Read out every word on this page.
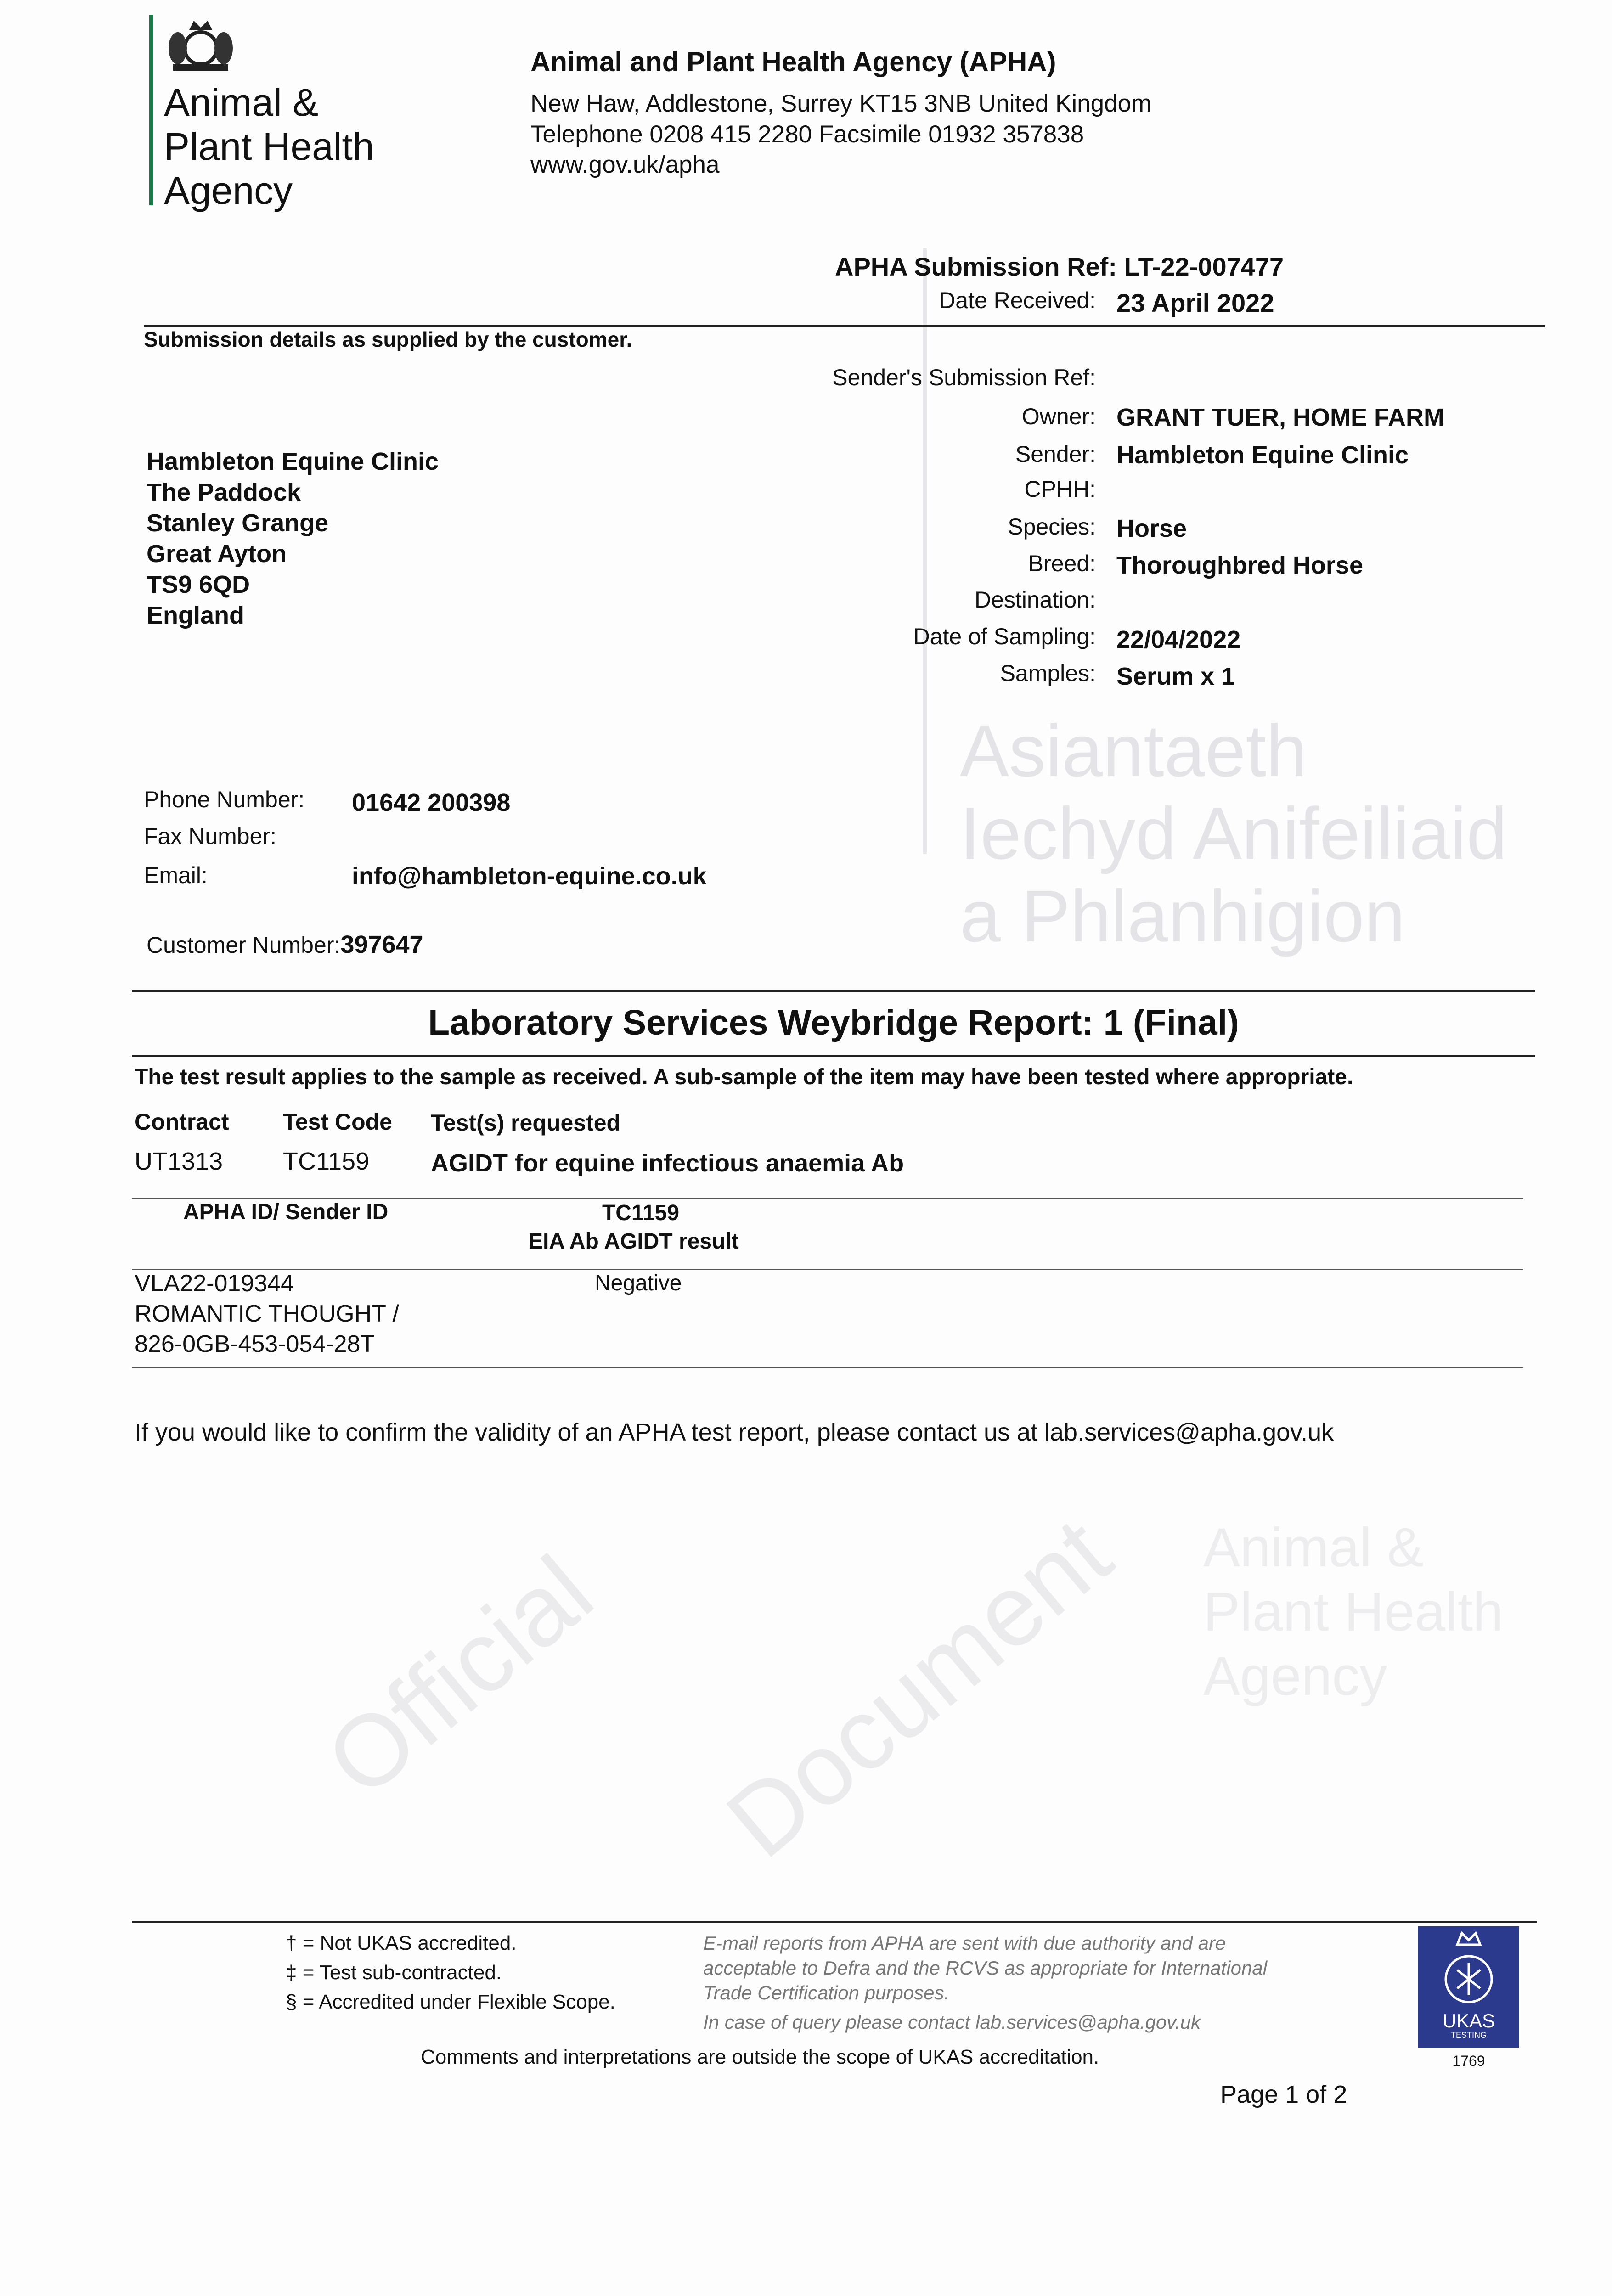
Asiantaeth
Iechyd Anifeiliaid
a Phlanhigion
Animal &
Plant Health
Agency
Official Document
Animal &
Plant Health
Agency
Animal and Plant Health Agency (APHA)
New Haw, Addlestone, Surrey KT15 3NB United Kingdom
Telephone 0208 415 2280 Facsimile 01932 357838
www.gov.uk/apha
APHA Submission Ref: LT-22-007477
Date Received: 23 April 2022
Submission details as supplied by the customer.
Sender's Submission Ref:
Owner: GRANT TUER, HOME FARM
Sender: Hambleton Equine Clinic
CPHH:
Species: Horse
Breed: Thoroughbred Horse
Destination:
Date of Sampling: 22/04/2022
Samples: Serum x 1
Hambleton Equine Clinic
The Paddock
Stanley Grange
Great Ayton
TS9 6QD
England
Phone Number: 01642 200398
Fax Number:
Email:	info@hambleton-equine.co.uk
Customer Number:397647
Laboratory Services Weybridge Report: 1 (Final)
The test result applies to the sample as received. A sub-sample of the item may have been tested where appropriate.
Contract Test Code Test(s) requested
UT1313 TC1159 AGIDT for equine infectious anaemia Ab
APHA ID/ Sender ID	TC1159
EIA Ab AGIDT result
VLA22-019344
ROMANTIC THOUGHT /
826-0GB-453-054-28T
Negative
If you would like to confirm the validity of an APHA test report, please contact us at lab.services@apha.gov.uk
† = Not UKAS accredited.
‡ = Test sub-contracted.
§ = Accredited under Flexible Scope.
E-mail reports from APHA are sent with due authority and are
acceptable to Defra and the RCVS as appropriate for International
Trade Certification purposes.
In case of query please contact lab.services@apha.gov.uk
Comments and interpretations are outside the scope of UKAS accreditation.
UKAS
TESTING
1769
Page 1 of 2
